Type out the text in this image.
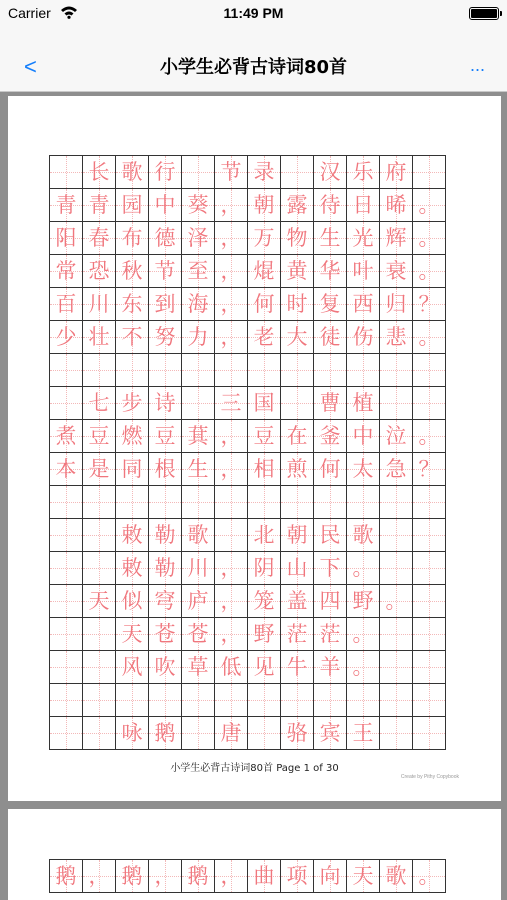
Carrier	11:49 PM
<	小学生必背古诗词80首	...
	长	歌	行		节	录		汉	乐	府	
青	青	园	中	葵	，	朝	露	待	日	晞	。
阳	春	布	德	泽	，	万	物	生	光	辉	。
常	恐	秋	节	至	，	焜	黄	华	叶	衰	。
百	川	东	到	海	，	何	时	复	西	归	？
少	壮	不	努	力	，	老	大	徒	伤	悲	。

	七	步	诗		三	国		曹	植		
煮	豆	燃	豆	萁	，	豆	在	釜	中	泣	。
本	是	同	根	生	，	相	煎	何	太	急	？

		敕	勒	歌		北	朝	民	歌		
		敕	勒	川	，	阴	山	下	。		
	天	似	穹	庐	，	笼	盖	四	野	。	
		天	苍	苍	，	野	茫	茫	。		
		风	吹	草	低	见	牛	羊	。		

		咏	鹅		唐		骆	宾	王		
小学生必背古诗词80首 Page 1 of 30
Create by Pithy Copybook
鹅	，	鹅	，	鹅	，	曲	项	向	天	歌	。
